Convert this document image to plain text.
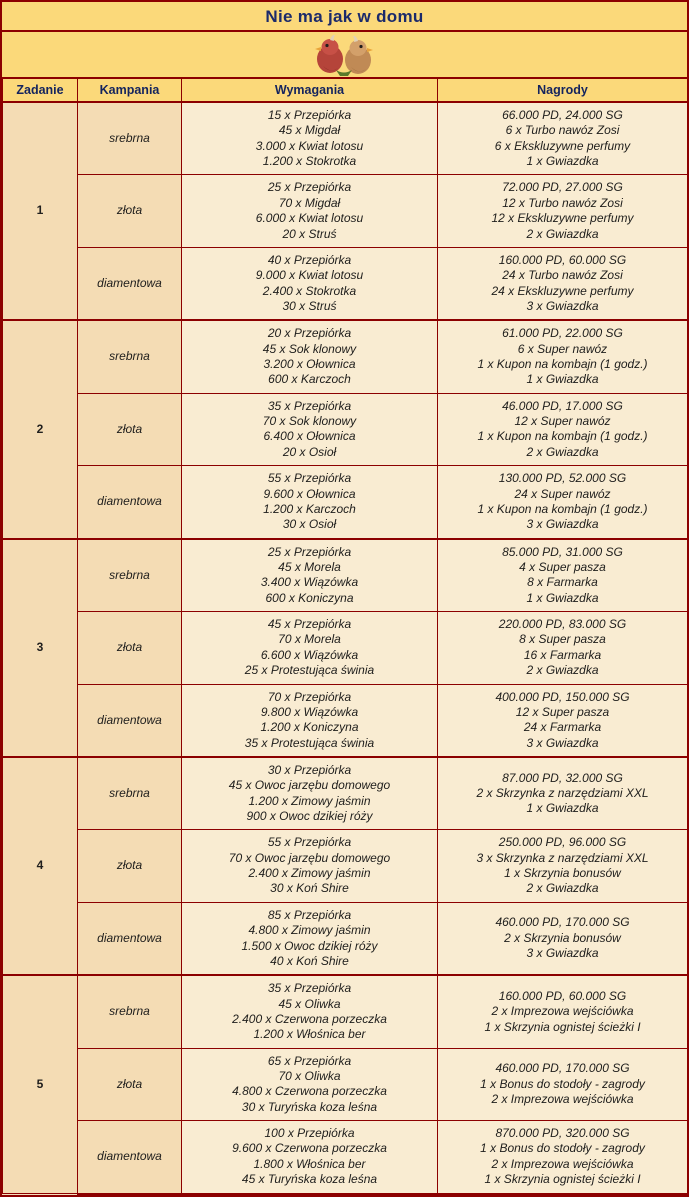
Nie ma jak w domu
Zadanie	Kampania	Wymagania	Nagrody
1	srebrna	15 x Przepiórka
45 x Migdał
3.000 x Kwiat lotosu
1.200 x Stokrotka	66.000 PD, 24.000 SG
6 x Turbo nawóz Zosi
6 x Ekskluzywne perfumy
1 x Gwiazdka

	złota	25 x Przepiórka
70 x Migdał
6.000 x Kwiat lotosu
20 x Struś	72.000 PD, 27.000 SG
12 x Turbo nawóz Zosi
12 x Ekskluzywne perfumy
2 x Gwiazdka

	diamentowa	40 x Przepiórka
9.000 x Kwiat lotosu
2.400 x Stokrotka
30 x Struś	160.000 PD, 60.000 SG
24 x Turbo nawóz Zosi
24 x Ekskluzywne perfumy
3 x Gwiazdka

2	srebrna	20 x Przepiórka
45 x Sok klonowy
3.200 x Ołownica
600 x Karczoch	61.000 PD, 22.000 SG
6 x Super nawóz
1 x Kupon na kombajn (1 godz.)
1 x Gwiazdka

	złota	35 x Przepiórka
70 x Sok klonowy
6.400 x Ołownica
20 x Osioł	46.000 PD, 17.000 SG
12 x Super nawóz
1 x Kupon na kombajn (1 godz.)
2 x Gwiazdka

	diamentowa	55 x Przepiórka
9.600 x Ołownica
1.200 x Karczoch
30 x Osioł	130.000 PD, 52.000 SG
24 x Super nawóz
1 x Kupon na kombajn (1 godz.)
3 x Gwiazdka

3	srebrna	25 x Przepiórka
45 x Morela
3.400 x Wiązówka
600 x Koniczyna	85.000 PD, 31.000 SG
4 x Super pasza
8 x Farmarka
1 x Gwiazdka

	złota	45 x Przepiórka
70 x Morela
6.600 x Wiązówka
25 x Protestująca świnia	220.000 PD, 83.000 SG
8 x Super pasza
16 x Farmarka
2 x Gwiazdka

	diamentowa	70 x Przepiórka
9.800 x Wiązówka
1.200 x Koniczyna
35 x Protestująca świnia	400.000 PD, 150.000 SG
12 x Super pasza
24 x Farmarka
3 x Gwiazdka

4	srebrna	30 x Przepiórka
45 x Owoc jarzębu domowego
1.200 x Zimowy jaśmin
900 x Owoc dzikiej róży	87.000 PD, 32.000 SG
2 x Skrzynka z narzędziami XXL
1 x Gwiazdka

	złota	55 x Przepiórka
70 x Owoc jarzębu domowego
2.400 x Zimowy jaśmin
30 x Koń Shire	250.000 PD, 96.000 SG
3 x Skrzynka z narzędziami XXL
1 x Skrzynia bonusów
2 x Gwiazdka

	diamentowa	85 x Przepiórka
4.800 x Zimowy jaśmin
1.500 x Owoc dzikiej róży
40 x Koń Shire	460.000 PD, 170.000 SG
2 x Skrzynia bonusów
3 x Gwiazdka

5	srebrna	35 x Przepiórka
45 x Oliwka
2.400 x Czerwona porzeczka
1.200 x Włośnica ber	160.000 PD, 60.000 SG
2 x Imprezowa wejściówka
1 x Skrzynia ognistej ścieżki I

	złota	65 x Przepiórka
70 x Oliwka
4.800 x Czerwona porzeczka
30 x Turyńska koza leśna	460.000 PD, 170.000 SG
1 x Bonus do stodoły - zagrody
2 x Imprezowa wejściówka

	diamentowa	100 x Przepiórka
9.600 x Czerwona porzeczka
1.800 x Włośnica ber
45 x Turyńska koza leśna	870.000 PD, 320.000 SG
1 x Bonus do stodoły - zagrody
2 x Imprezowa wejściówka
1 x Skrzynia ognistej ścieżki I
